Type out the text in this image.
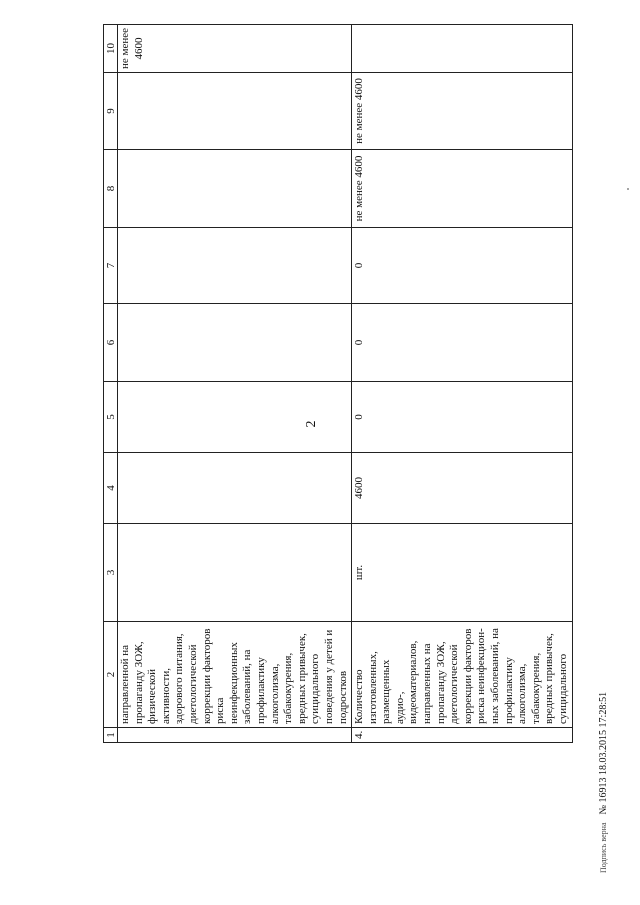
2
1	2	3	4	5	6	7	8	9	10
	направленной на пропаганду ЗОЖ, физической активности, здорового питания, диетологической коррекции факторов риска неинфекционных заболеваний, на профилактику алкоголизма, табакокурения, вредных привычек, суицидального поведения у детей и подростков								не менее 4600
4.	Количество изготовленных, размещенных аудио-, видеоматериалов, направленных на пропаганду ЗОЖ, диетологической коррекции факторов риска неинфекцион-ных заболеваний, на профилактику алкоголизма, табакокурения, вредных привычек, суицидального	шт.	4600	0	0	0	не менее 4600	не менее 4600	
Подпись верна
№ 16913 18.03.2015 17:28:51
